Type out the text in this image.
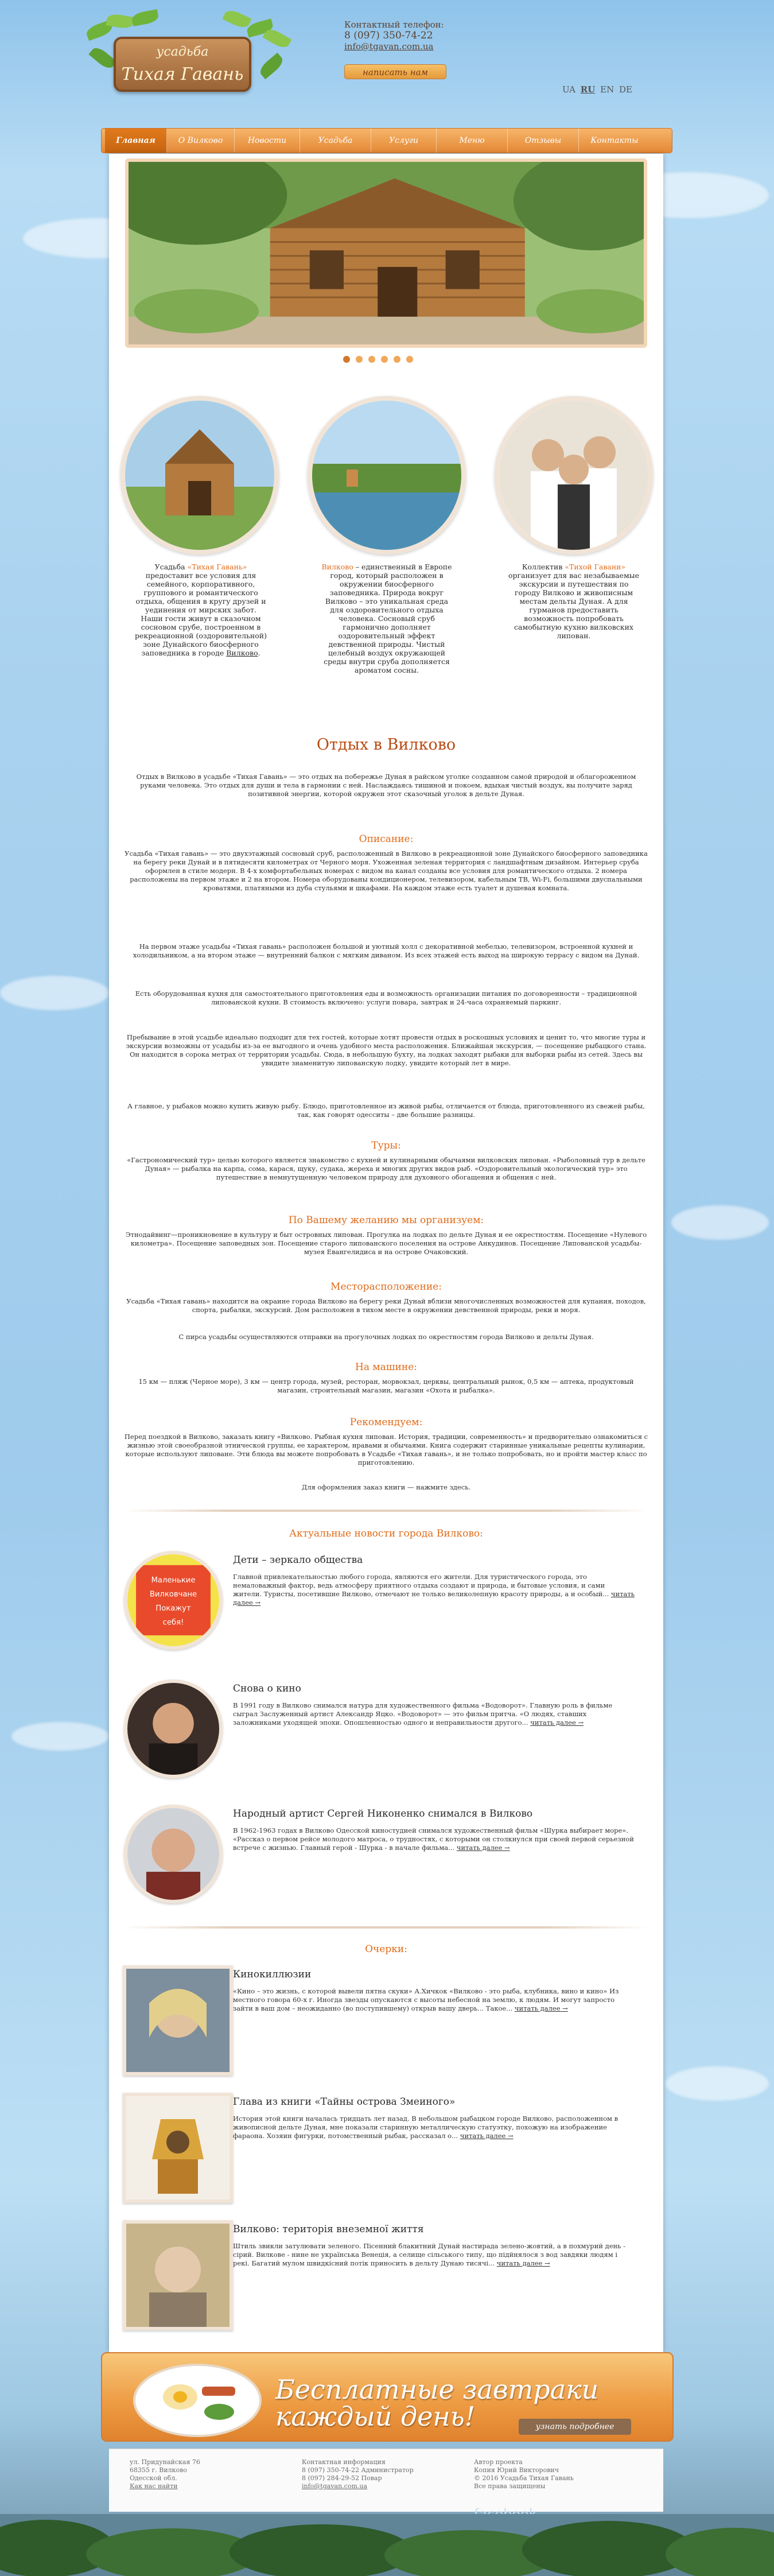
усадьба
Тихая Гавань
Контактный телефон:
8 (097) 350-74-22
info@tgavan.com.ua
написать нам
UA RU EN DE
Главная	О Вилково	Новости	Усадьба	Услуги	Меню	Отзывы	Контакты
Усадьба «Тихая Гавань» предоставит все условия для семейного, корпоративного, группового и романтического отдыха, общения в кругу друзей и уединения от мирских забот. Наши гости живут в сказочном сосновом срубе, построенном в рекреационной (оздоровительной) зоне Дунайского биосферного заповедника в городе Вилково.
Вилково – единственный в Европе город, который расположен в окружении биосферного заповедника. Природа вокруг Вилково – это уникальная среда для оздоровительного отдыха человека. Сосновый сруб гармонично дополняет оздоровительный эффект девственной природы. Чистый целебный воздух окружающей среды внутри сруба дополняется ароматом сосны.
Коллектив «Тихой Гавани» организует для вас незабываемые экскурсии и путешествия по городу Вилково и живописным местам дельты Дуная. А для гурманов предоставить возможность попробовать самобытную кухню вилковских липован.
Отдых в Вилково
Отдых в Вилково в усадьбе «Тихая Гавань» — это отдых на побережье Дуная в райском уголке созданном самой природой и облагороженном руками человека. Это отдых для души и тела в гармонии с ней. Наслаждаясь тишиной и покоем, вдыхая чистый воздух, вы получите заряд позитивной энергии, которой окружен этот сказочный уголок в дельте Дуная.
Описание:
Усадьба «Тихая гавань» — это двухэтажный сосновый сруб, расположенный в Вилково в рекреационной зоне Дунайского биосферного заповедника на берегу реки Дунай и в пятидесяти километрах от Черного моря. Ухоженная зеленая территория с ландшафтным дизайном. Интерьер сруба оформлен в стиле модерн. В 4-х комфортабельных номерах с видом на канал созданы все условия для романтического отдыха. 2 номера расположены на первом этаже и 2 на втором. Номера оборудованы кондиционером, телевизором, кабельным ТВ, Wi-Fi, большими двуспальными кроватями, платяными из дуба стульями и шкафами. На каждом этаже есть туалет и душевая комната.
На первом этаже усадьбы «Тихая гавань» расположен большой и уютный холл с декоративной мебелью, телевизором, встроенной кухней и холодильником, а на втором этаже — внутренний балкон с мягким диваном. Из всех этажей есть выход на широкую террасу с видом на Дунай.
Есть оборудованная кухня для самостоятельного приготовления еды и возможность организации питания по договоренности – традиционной липованской кухни. В стоимость включено: услуги повара, завтрак и 24-часа охраняемый паркинг.
Пребывание в этой усадьбе идеально подходит для тех гостей, которые хотят провести отдых в роскошных условиях и ценит то, что многие туры и экскурсии возможны от усадьбы из-за ее выгодного и очень удобного места расположения. Ближайшая экскурсия, — посещение рыбацкого стана. Он находится в сорока метрах от территории усадьбы. Сюда, в небольшую бухту, на лодках заходят рыбаки для выборки рыбы из сетей. Здесь вы увидите знаменитую липованскую лодку, увидите который лет в мире.
А главное, у рыбаков можно купить живую рыбу. Блюдо, приготовленное из живой рыбы, отличается от блюда, приготовленного из свежей рыбы, так, как говорят одесситы – две большие разницы.
Туры:
«Гастрономический тур» целью которого является знакомство с кухней и кулинарными обычаями вилковских липован. «Рыболовный тур в дельте Дуная» — рыбалка на карпа, сома, карася, щуку, судака, жереха и многих других видов рыб. «Оздоровительный экологический тур» это путешествие в немнутущенную человеком природу для духовного обогащения и общения с ней.
По Вашему желанию мы организуем:
Этнодайвинг—проникновение в культуру и быт островных липован. Прогулка на лодках по дельте Дуная и ее окрестностям. Посещение «Нулевого километра». Посещение заповедных зон. Посещение старого липованского поселения на острове Анкудинов. Посещение Липованской усадьбы-музея Евангелидиса и на острове Очаковский.
Месторасположение:
Усадьба «Тихая гавань» находится на окраине города Вилково на берегу реки Дунай вблизи многочисленных возможностей для купания, походов, спорта, рыбалки, экскурсий. Дом расположен в тихом месте в окружении девственной природы, реки и моря.
С пирса усадьбы осуществляются отправки на прогулочных лодках по окрестностям города Вилково и дельты Дуная.
На машине:
15 км — пляж (Черное море), 3 км — центр города, музей, ресторан, морвокзал, церквы, центральный рынок, 0,5 км — аптека, продуктовый магазин, строительный магазин, магазин «Охота и рыбалка».
Рекомендуем:
Перед поездкой в Вилково, заказать книгу «Вилково. Рыбная кухня липован. История, традиции, современность» и предворительно ознакомиться с жизнью этой своеобразной этнической группы, ее характером, нравами и обычаями. Книга содержит старинные уникальные рецепты кулинарии, которые используют липоване. Эти блюда вы можете попробовать в Усадьбе «Тихая гавань», и не только попробовать, но и пройти мастер класс по приготовлению.
Для оформления заказ книги — нажмите здесь.
Актуальные новости города Вилково:
Маленькие
Вилковчане
Покажут
себя!
Дети – зеркало общества
Главной привлекательностью любого города, являются его жители. Для туристического города, это немаловажный фактор, ведь атмосферу приятного отдыха создают и природа, и бытовые условия, и сами жители. Туристы, посетившие Вилково, отмечают не только великолепную красоту природы, а и особый... читать далее →
Снова о кино
В 1991 году в Вилково снимался натура для художественного фильма «Водоворот». Главную роль в фильме сыграл Заслуженный артист Александр Яцко. «Водоворот» — это фильм притча. «О людях, ставших заложниками уходящей эпохи. Опошленностью одного и неправильности другого... читать далее →
Народный артист Сергей Никоненко снимался в Вилково
В 1962-1963 годах в Вилково Одесской киностудией снимался художественный фильм «Шурка выбирает море». «Рассказ о первом рейсе молодого матроса, о трудностях, с которыми он столкнулся при своей первой серьезной встрече с жизнью. Главный герой - Шурка - в начале фильма... читать далее →
Очерки:
Кинокиллюзии
«Кино – это жизнь, с которой вывели пятна скуки» А.Хичкок «Вилково - это рыба, клубника, вино и кино» Из местного говора 60-х г. Иногда звезды опускаются с высоты небесной на землю, к людям. И могут запросто зайти в ваш дом – неожиданно (во поступившему) открыв вашу дверь... Такое... читать далее →
Глава из книги «Тайны острова Змеиного»
История этой книги началась тридцать лет назад. В небольшом рыбацком городе Вилково, расположенном в живописной дельте Дуная, мне показали старинную металлическую статуэтку, похожую на изображение фараона. Хозяин фигурки, потомственный рыбак, рассказал о... читать далее →
Вилково: територія внеземної життя
Штиль звикли затулювати зеленого. Пісенний блакитний Дунай настирада зелено-жовтий, а в похмурий день - сірий. Вилкове - нине не українська Венеція, а селище сільського типу, що підйнялося з вод завдяки людям і рекі. Багатий мулом швидкісний потік приносить в дельту Дунаю тисячі... читать далее →
Бесплатные завтраки
каждый день!	узнать подробнее
ул. Придунайская 76
68355 г. Вилково
Одесской обл.
Как нас найти
Контактная информация
8 (097) 350-74-22 Администратор
8 (097) 284-29-52 Повар
info@tgavan.com.ua
Автор проекта
Копия Юрий Викторович
© 2016 Усадьба Тихая Гавань
Все права защищены
